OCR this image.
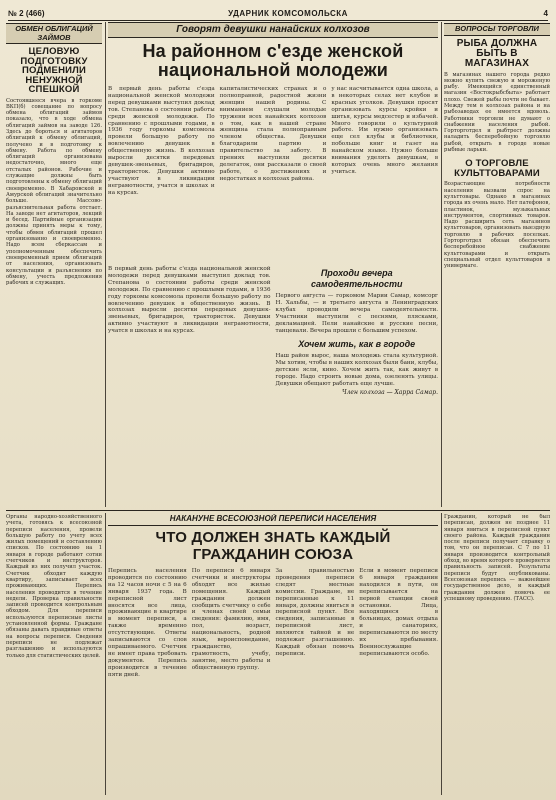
№ 2 (466)	УДАРНИК КОМСОМОЛЬСКА	4
ОБМЕН ОБЛИГАЦИЙ ЗАЙМОВ
ЦЕЛОВУЮ ПОДГОТОВКУ ПОДМЕНИЛИ НЕНУЖНОЙ СПЕШКОЙ
Состоявшееся вчера в горкоме ВКП(б) совещание по вопросу обмена облигаций займов показало, что в ходе обмена облигаций займов на заводе 126. Здесь до бороться и агитаторов облигаций к обмену облигаций, получено и в подготовку к обмену. Работа по обмену облигаций организована недостаточно, много еще отсталых районов. Рабочие и служащие должны быть подготовлены к обмену облигаций своевременно. В Хабаровской и Амурской облигаций значительно больше. Массово-разъяснительная работа отстает. На заводе нет агитаторов, лекций и бесед. Партийные организации должны принять меры к тому, чтобы обмен облигаций прошел организованно и своевременно. Надо всем сберкассам и уполномоченным обеспечить своевременный прием облигаций от населения, организовать консультации и разъяснения по обмену, учесть предложения рабочих и служащих.
Говорят девушки нанайских колхозов
На районном с'езде женской национальной молодежи
В первый день работы с'езда национальной женской молодежи перед девушками выступил доклад тов. Степанова о состоянии работы среди женской молодежи. По сравнению с прошлыми годами, в 1936 году горкомы комсомола провели большую работу по вовлечению девушек в общественную жизнь. В колхозах выросли десятки передовых девушек-звеньевых, бригадиров, трактористок. Девушки активно участвуют в ликвидации неграмотности, учатся в школах и на курсах.
капиталистических странах и о полноправной, радостной жизни женщин нашей родины. С вниманием слушали молодые тружени всех нанайских колхозов о том, как в нашей стране женщина стала полноправным членом общества. Девушки благодарили партию и правительство за заботу. В прениях выступили десятки делегаток, они рассказали о своей работе, о достижениях и недостатках в колхозах района.
у нас насчитывается одна школа, а в некоторых селах нет клубов и красных уголков. Девушки просят организовать курсы кройки и шитья, курсы медсестер и избачей. Много говорили о культурной работе. Им нужно организовать еще сел клубы и библиотеки, побольше книг и газет на нанайском языке. Нужно больше внимания уделять девушкам, в которых очень много желания учиться.
В первый день работы с'езда национальной женской молодежи перед девушками выступил доклад тов. Степанова о состоянии работы среди женской молодежи. По сравнению с прошлыми годами, в 1936 году горкомы комсомола провели большую работу по вовлечению девушек в общественную жизнь. В колхозах выросли десятки передовых девушек-звеньевых, бригадиров, трактористок. Девушки активно участвуют в ликвидации неграмотности, учатся в школах и на курсах.
Проходи вечера самодеятельности
Первого августа — горкомом Марии Самар, комсорг Н. Хальбы, — и третьего августа в Ленинградских клубах проводили вечера самодеятельности. Участники выступили с песнями, плясками, декламацией. Пели нанайские и русские песни, танцевали. Вечера прошли с большим успехом.
Хочем жить, как в городе
Наш район вырос, наша молодежь стала культурной. Мы хотим, чтобы в наших колхозах были бани, клубы, детские ясли, кино. Хочем жить так, как живут в городе. Надо строить новые дома, озеленять улицы. Девушки обещают работать еще лучше.
Член колхоза — Харра Самар.
ВОПРОСЫ ТОРГОВЛИ
РЫБА ДОЛЖНА БЫТЬ В МАГАЗИНАХ
В магазинах нашего города редко можно купить свежую и мороженую рыбу. Имеющийся единственный магазин «Востокрыбсбыта» работает плохо. Свежей рыбы почти не бывает. Между тем в колхозах района и на рыбозаводах ее имеется вдоволь. Работники торговли не думают о снабжении населения рыбой. Горторготдел и рыбтрест должны наладить бесперебойную торговлю рыбой, открыть в городе новые рыбные ларьки.
О ТОРГОВЛЕ КУЛЬТТОВАРАМИ
Возрастающие потребности населения вызвали спрос на культтовары. Однако в магазинах города их очень мало. Нет патефонов, пластинок, музыкальных инструментов, спортивных товаров. Надо расширить сеть магазинов культтоваров, организовать выездную торговлю в рабочих поселках. Горторготдел обязан обеспечить бесперебойное снабжение культтоварами и открыть специальный отдел культтоваров в универмаге.
Органы народно-хозяйственного учета, готовясь к всесоюзной переписи населения, провели большую работу по учету всех жилых помещений и составлению списков. По состоянию на 1 января в городе работают сотни счетчиков и инструкторов. Каждый из них получил участок. Счетчик обходит каждую квартиру, записывает всех проживающих. Перепись населения проводится в течение недели. Проверка правильности записей проводится контрольным обходом. Для переписи используются переписные листы установленной формы. Граждане обязаны давать правдивые ответы на вопросы переписи. Сведения переписи не подлежат разглашению и используются только для статистических целей.
НАКАНУНЕ ВСЕСОЮЗНОЙ ПЕРЕПИСИ НАСЕЛЕНИЯ
ЧТО ДОЛЖЕН ЗНАТЬ КАЖДЫЙ ГРАЖДАНИН СОЮЗА
Перепись населения проводится по состоянию на 12 часов ночи с 5 на 6 января 1937 года. В переписной лист вносятся все лица, проживающие в квартире в момент переписи, а также временно отсутствующие. Ответы записываются со слов опрашиваемого. Счетчик не имеет права требовать документов. Перепись производится в течение пяти дней.
По переписи 6 января счетчики и инструкторы обходят все жилые помещения. Каждый гражданин должен сообщить счетчику о себе и членах своей семьи сведения: фамилию, имя, пол, возраст, национальность, родной язык, вероисповедание, гражданство, грамотность, учебу, занятие, место работы и общественную группу.
За правильностью проведения переписи следят местные комиссии. Граждане, не переписанные к 11 января, должны явиться в переписной пункт. Все сведения, записанные в переписной лист, являются тайной и не подлежат разглашению. Каждый обязан помочь переписи.
Если в момент переписи 6 января гражданин находился в пути, он переписывается на первой станции своей остановки. Лица, находящиеся в больницах, домах отдыха и санаториях, переписываются по месту их пребывания. Военнослужащие переписываются особо.
Гражданин, который не был переписан, должен не позднее 11 января явиться в переписной пункт своего района. Каждый гражданин после переписи получает справку о том, что он переписан. С 7 по 11 января производится контрольный обход, во время которого проверяется правильность записей. Результаты переписи будут опубликованы. Всесоюзная перепись — важнейшее государственное дело, и каждый гражданин должен помочь ее успешному проведению. (ТАСС).
